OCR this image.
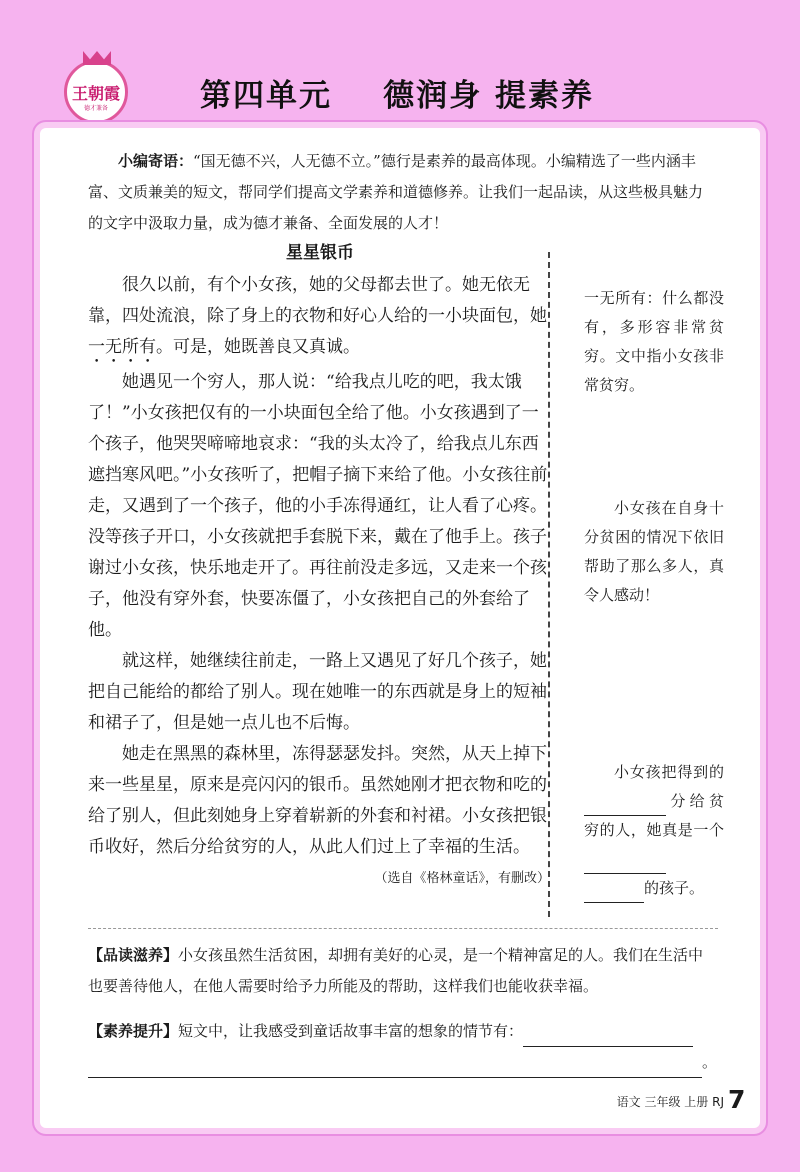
王朝霞
德才兼备	第四单元    德润身 提素养
小编寄语：“国无德不兴，人无德不立。”德行是素养的最高体现。小编精选了一些内涵丰富、文质兼美的短文，帮同学们提高文学素养和道德修养。让我们一起品读，从这些极具魅力的文字中汲取力量，成为德才兼备、全面发展的人才！
星星银币

很久以前，有个小女孩，她的父母都去世了。她无依无靠，四处流浪，除了身上的衣物和好心人给的一小块面包，她一无所有。可是，她既善良又真诚。

她遇见一个穷人，那人说：“给我点儿吃的吧，我太饿了！”小女孩把仅有的一小块面包全给了他。小女孩遇到了一个孩子，他哭哭啼啼地哀求：“我的头太冷了，给我点儿东西遮挡寒风吧。”小女孩听了，把帽子摘下来给了他。小女孩往前走，又遇到了一个孩子，他的小手冻得通红，让人看了心疼。没等孩子开口，小女孩就把手套脱下来，戴在了他手上。孩子谢过小女孩，快乐地走开了。再往前没走多远，又走来一个孩子，他没有穿外套，快要冻僵了，小女孩把自己的外套给了他。

就这样，她继续往前走，一路上又遇见了好几个孩子，她把自己能给的都给了别人。现在她唯一的东西就是身上的短袖和裙子了，但是她一点儿也不后悔。

她走在黑黑的森林里，冻得瑟瑟发抖。突然，从天上掉下来一些星星，原来是亮闪闪的银币。虽然她刚才把衣物和吃的给了别人，但此刻她身上穿着崭新的外套和衬裙。小女孩把银币收好，然后分给贫穷的人，从此人们过上了幸福的生活。
（选自《格林童话》，有删改）

一无所有：什么都没有，多形容非常贫穷。文中指小女孩非常贫穷。
小女孩在自身十分贫困的情况下依旧帮助了那么多人，真令人感动！
小女孩把得到的分给贫穷的人，她真是一个的孩子。
【品读滋养】小女孩虽然生活贫困，却拥有美好的心灵，是一个精神富足的人。我们在生活中也要善待他人，在他人需要时给予力所能及的帮助，这样我们也能收获幸福。
【素养提升】短文中，让我感受到童话故事丰富的想象的情节有：
。
语文 三年级 上册 RJ 7
